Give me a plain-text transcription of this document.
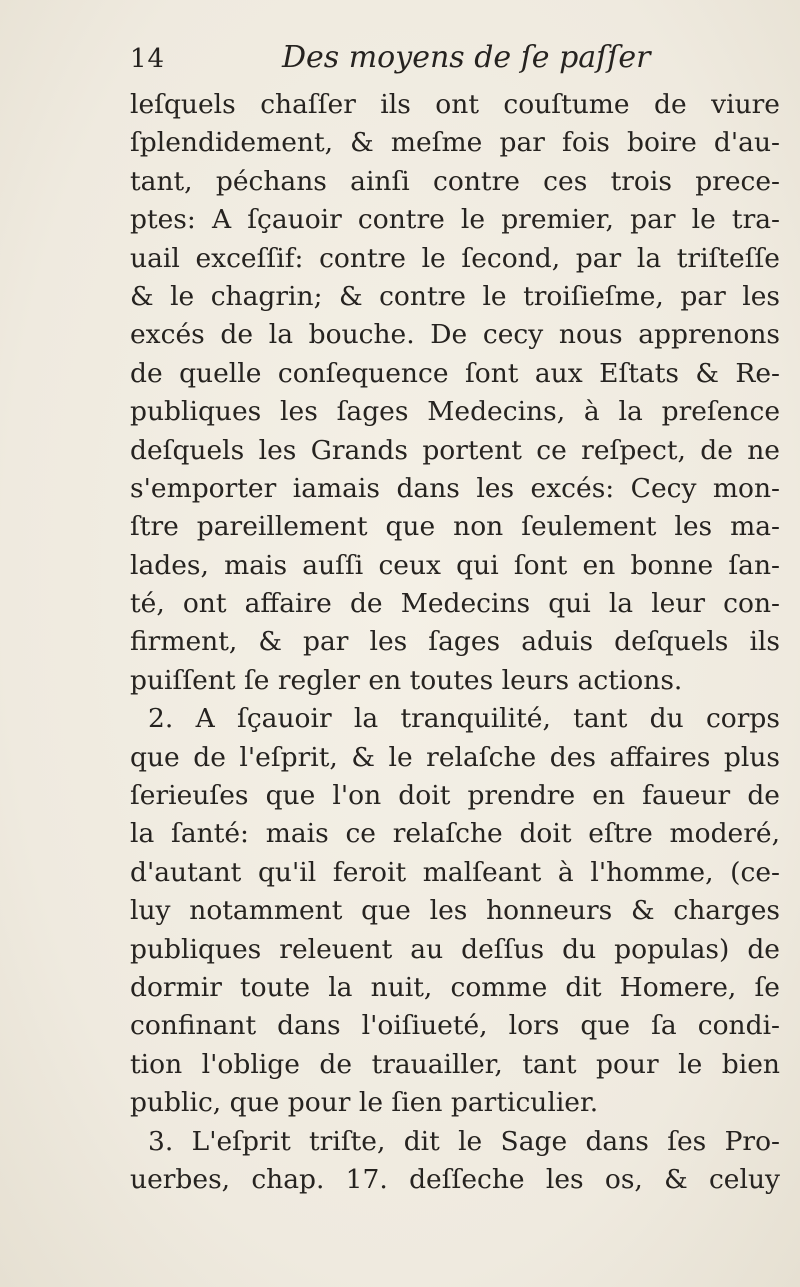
14	Des moyens de ſe paſſer
leſquels chaſſer ils ont couſtume de viure
ſplendidement, & meſme par fois boire d'au-
tant, péchans ainſi contre ces trois prece-
ptes: A ſçauoir contre le premier, par le tra-
uail exceſſif: contre le ſecond, par la triſteſſe
& le chagrin; & contre le troiſieſme, par les
excés de la bouche. De cecy nous apprenons
de quelle conſequence ſont aux Eſtats & Re-
publiques les ſages Medecins, à la preſence
deſquels les Grands portent ce reſpect, de ne
s'emporter iamais dans les excés: Cecy mon-
ſtre pareillement que non ſeulement les ma-
lades, mais auſſi ceux qui ſont en bonne ſan-
té, ont affaire de Medecins qui la leur con-
firment, & par les ſages aduis deſquels ils
puiſſent ſe regler en toutes leurs actions.
2. A ſçauoir la tranquilité, tant du corps
que de l'eſprit, & le relaſche des affaires plus
ſerieuſes que l'on doit prendre en faueur de
la ſanté: mais ce relaſche doit eſtre moderé,
d'autant qu'il feroit malſeant à l'homme, (ce-
luy notamment que les honneurs & charges
publiques releuent au deſſus du populas) de
dormir toute la nuit, comme dit Homere, ſe
confinant dans l'oiſiueté, lors que ſa condi-
tion l'oblige de trauailler, tant pour le bien
public, que pour le ſien particulier.
3. L'eſprit triſte, dit le Sage dans ſes Pro-
uerbes, chap. 17. deſſeche les os, & celuy
